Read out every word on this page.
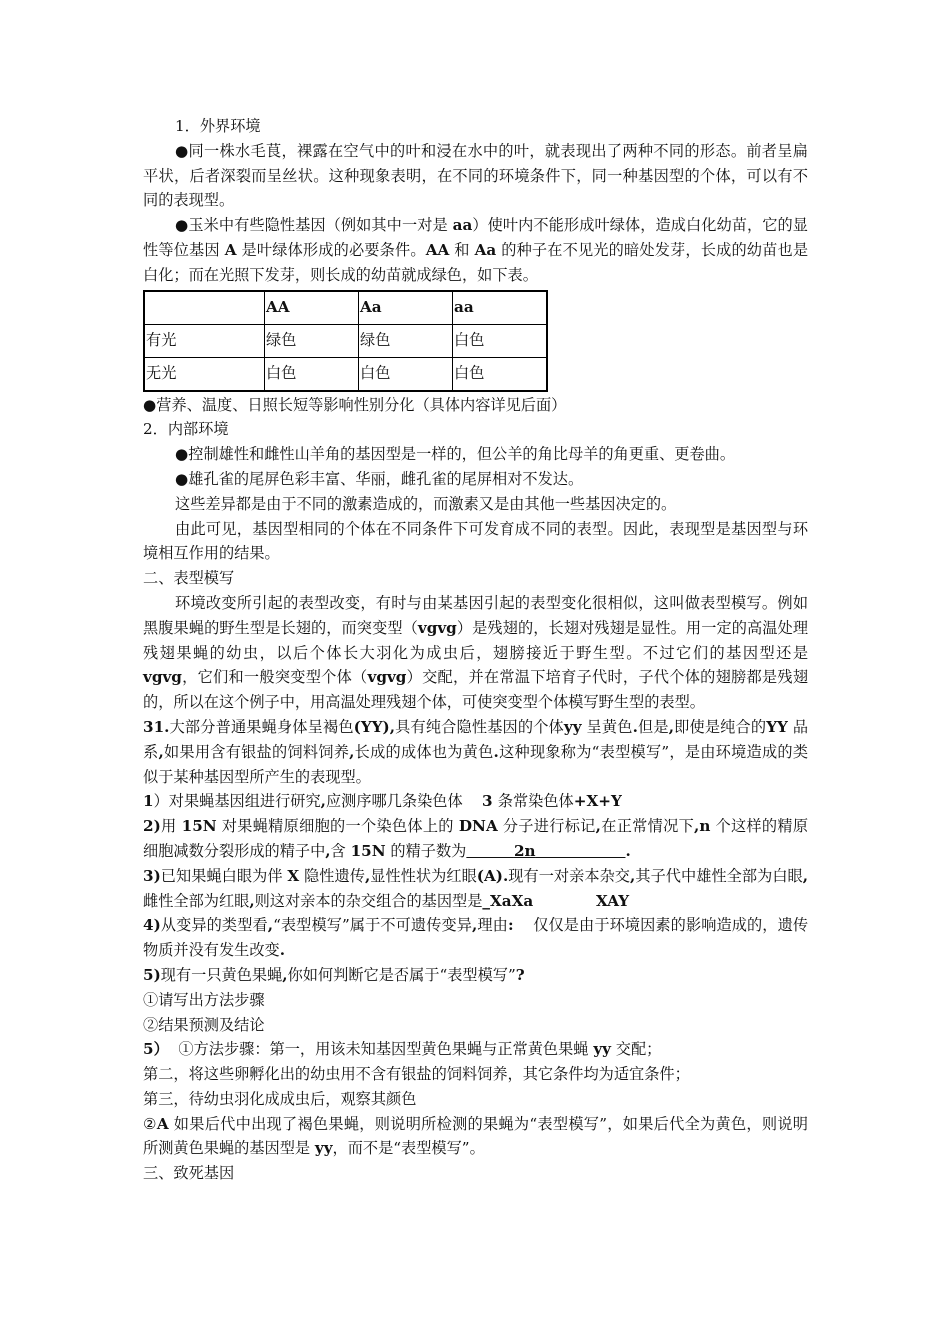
1．外界环境

●同一株水毛茛，裸露在空气中的叶和浸在水中的叶，就表现出了两种不同的形态。前者呈扁平状，后者深裂而呈丝状。这种现象表明，在不同的环境条件下，同一种基因型的个体，可以有不同的表现型。

●玉米中有些隐性基因（例如其中一对是 aa）使叶内不能形成叶绿体，造成白化幼苗，它的显性等位基因 A 是叶绿体形成的必要条件。AA 和 Aa 的种子在不见光的暗处发芽，长成的幼苗也是白化；而在光照下发芽，则长成的幼苗就成绿色，如下表。

	AA	Aa	aa
有光	绿色	绿色	白色
无光	白色	白色	白色

●营养、温度、日照长短等影响性别分化（具体内容详见后面）

2．内部环境

●控制雄性和雌性山羊角的基因型是一样的，但公羊的角比母羊的角更重、更卷曲。

●雄孔雀的尾屏色彩丰富、华丽，雌孔雀的尾屏相对不发达。

这些差异都是由于不同的激素造成的，而激素又是由其他一些基因决定的。

由此可见，基因型相同的个体在不同条件下可发育成不同的表型。因此，表现型是基因型与环境相互作用的结果。

二、表型模写

环境改变所引起的表型改变，有时与由某基因引起的表型变化很相似，这叫做表型模写。例如黑腹果蝇的野生型是长翅的，而突变型（vgvg）是残翅的，长翅对残翅是显性。用一定的高温处理残翅果蝇的幼虫，以后个体长大羽化为成虫后，翅膀接近于野生型。不过它们的基因型还是 vgvg，它们和一般突变型个体（vgvg）交配，并在常温下培育子代时，子代个体的翅膀都是残翅的，所以在这个例子中，用高温处理残翅个体，可使突变型个体模写野生型的表型。

31.大部分普通果蝇身体呈褐色(YY),具有纯合隐性基因的个体yy 呈黄色.但是,即使是纯合的YY 品系,如果用含有银盐的饲料饲养,长成的成体也为黄色.这种现象称为“表型模写”，是由环境造成的类似于某种基因型所产生的表现型。

1）对果蝇基因组进行研究,应测序哪几条染色体 3 条常染色体+X+Y

2)用 15N 对果蝇精原细胞的一个染色体上的 DNA 分子进行标记,在正常情况下,n 个这样的精原细胞减数分裂形成的精子中,含 15N 的精子数为	2n	.

3)已知果蝇白眼为伴 X 隐性遗传,显性性状为红眼(A).现有一对亲本杂交,其子代中雄性全部为白眼,雌性全部为红眼,则这对亲本的杂交组合的基因型是_XaXa	XAY

4)从变异的类型看,“表型模写”属于不可遗传变异,理由: 仅仅是由于环境因素的影响造成的，遗传物质并没有发生改变.

5)现有一只黄色果蝇,你如何判断它是否属于“表型模写”?

①请写出方法步骤

②结果预测及结论

5） ①方法步骤：第一，用该未知基因型黄色果蝇与正常黄色果蝇 yy 交配；

第二，将这些卵孵化出的幼虫用不含有银盐的饲料饲养，其它条件均为适宜条件；

第三，待幼虫羽化成成虫后，观察其颜色

②A 如果后代中出现了褐色果蝇，则说明所检测的果蝇为“表型模写”，如果后代全为黄色，则说明所测黄色果蝇的基因型是 yy，而不是“表型模写”。

三、致死基因
